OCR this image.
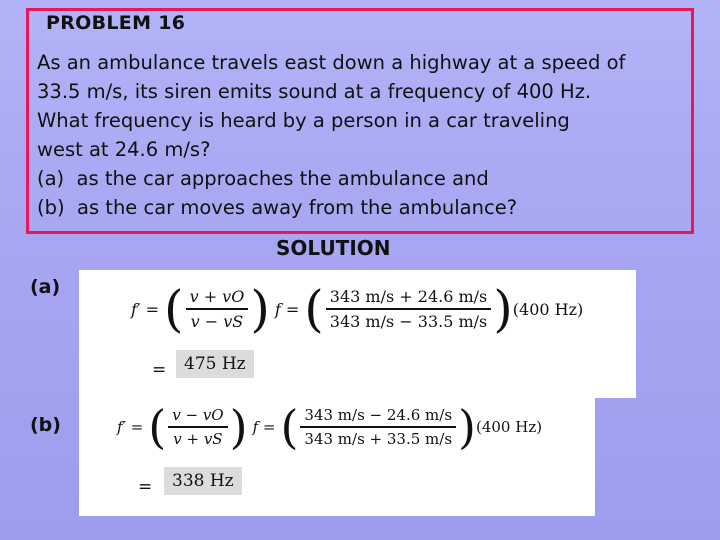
PROBLEM 16
As an ambulance travels east down a highway at a speed of
33.5 m/s, its siren emits sound at a frequency of 400 Hz.
What frequency is heard by a person in a car traveling
west at 24.6 m/s?
(a)  as the car approaches the ambulance and
(b)  as the car moves away from the ambulance?
SOLUTION
(a)
f′ = ( $\frac{v + vO}{v - vS}$ ) f = ( $\frac{343 m/s + 24.6 m/s}{343 m/s - 33.5 m/s}$ ) (400 Hz)
=	475 Hz
(b)	f′ = ( $\frac{v - vO}{v + vS}$ ) f = ( $\frac{343 m/s - 24.6 m/s}{343 m/s + 33.5 m/s}$ ) (400 Hz)
=	338 Hz
